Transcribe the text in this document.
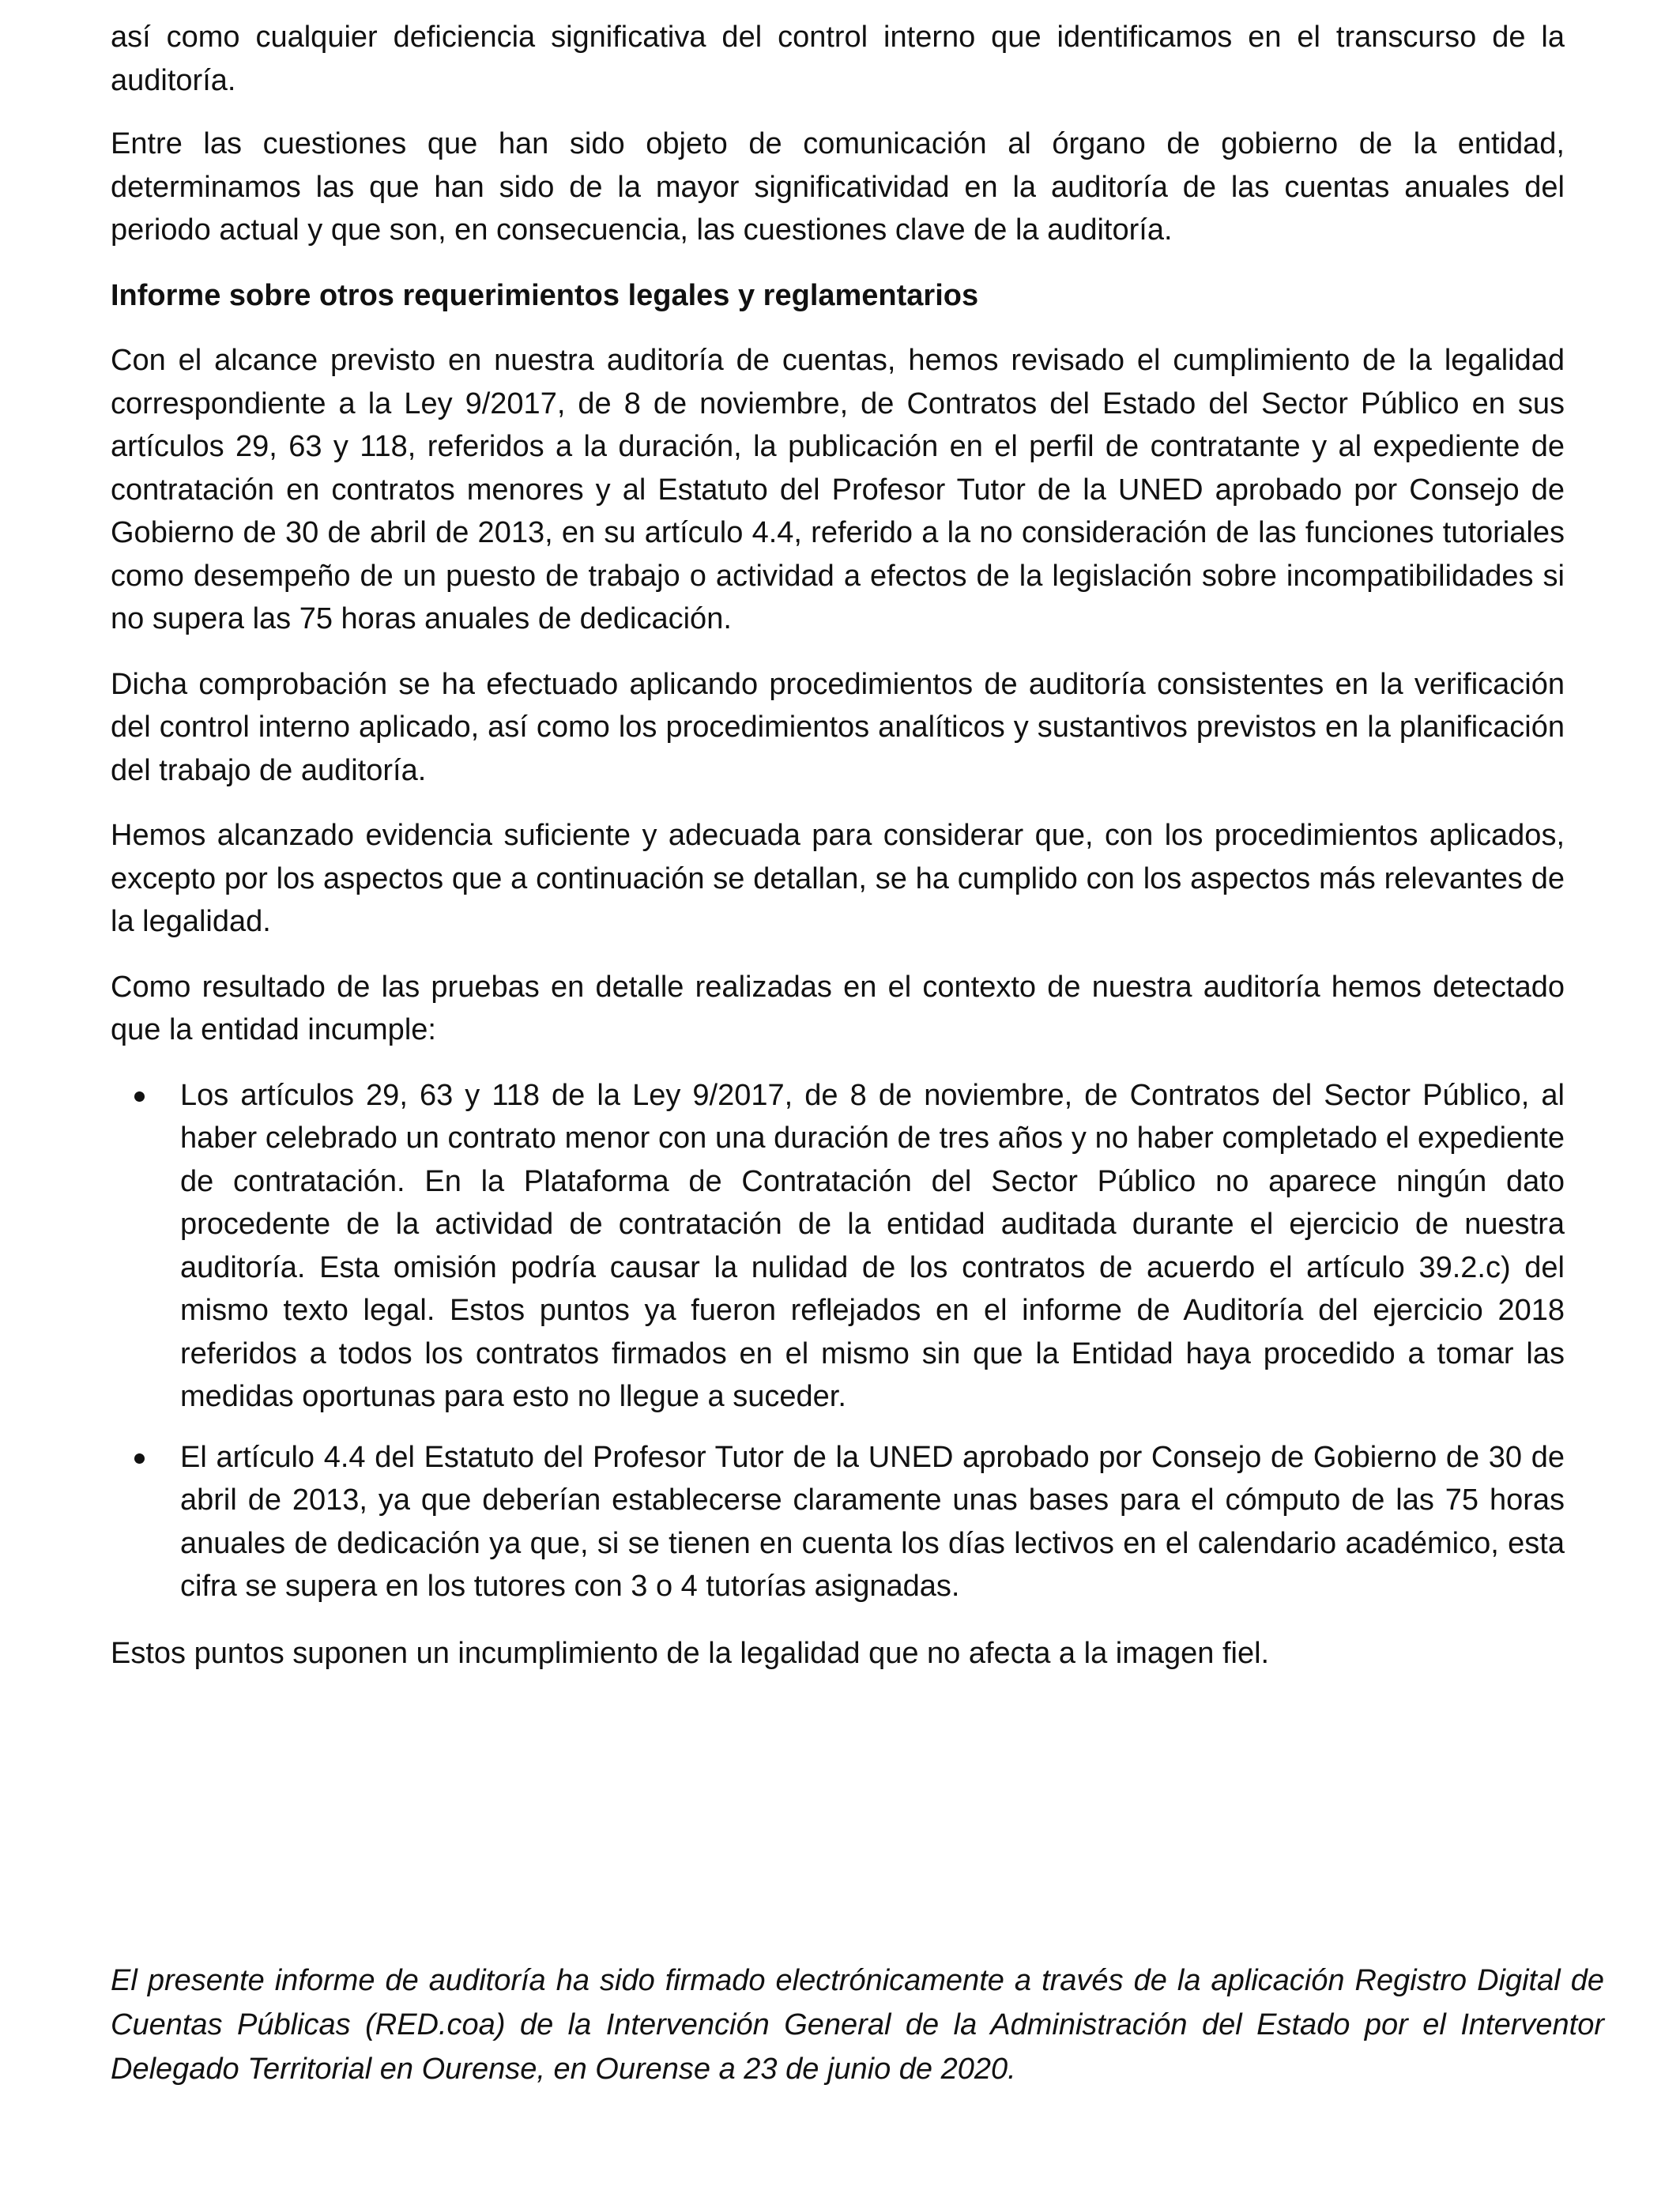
así como cualquier deficiencia significativa del control interno que identificamos en el transcurso de la auditoría.

Entre las cuestiones que han sido objeto de comunicación al órgano de gobierno de la entidad, determinamos las que han sido de la mayor significatividad en la auditoría de las cuentas anuales del periodo actual y que son, en consecuencia, las cuestiones clave de la auditoría.

Informe sobre otros requerimientos legales y reglamentarios

Con el alcance previsto en nuestra auditoría de cuentas, hemos revisado el cumplimiento de la legalidad correspondiente a la Ley 9/2017, de 8 de noviembre, de Contratos del Estado del Sector Público en sus artículos 29, 63 y 118, referidos a la duración, la publicación en el perfil de contratante y al expediente de contratación en contratos menores y al Estatuto del Profesor Tutor de la UNED aprobado por Consejo de Gobierno de 30 de abril de 2013, en su artículo 4.4, referido a la no consideración de las funciones tutoriales como desempeño de un puesto de trabajo o actividad a efectos de la legislación sobre incompatibilidades si no supera las 75 horas anuales de dedicación.

Dicha comprobación se ha efectuado aplicando procedimientos de auditoría consistentes en la verificación del control interno aplicado, así como los procedimientos analíticos y sustantivos previstos en la planificación del trabajo de auditoría.

Hemos alcanzado evidencia suficiente y adecuada para considerar que, con los procedimientos aplicados, excepto por los aspectos que a continuación se detallan, se ha cumplido con los aspectos más relevantes de la legalidad.

Como resultado de las pruebas en detalle realizadas en el contexto de nuestra auditoría hemos detectado que la entidad incumple:

Los artículos 29, 63 y 118 de la Ley 9/2017, de 8 de noviembre, de Contratos del Sector Público, al haber celebrado un contrato menor con una duración de tres años y no haber completado el expediente de contratación. En la Plataforma de Contratación del Sector Público no aparece ningún dato procedente de la actividad de contratación de la entidad auditada durante el ejercicio de nuestra auditoría. Esta omisión podría causar la nulidad de los contratos de acuerdo el artículo 39.2.c) del mismo texto legal. Estos puntos ya fueron reflejados en el informe de Auditoría del ejercicio 2018 referidos a todos los contratos firmados en el mismo sin que la Entidad haya procedido a tomar las medidas oportunas para esto no llegue a suceder.
El artículo 4.4 del Estatuto del Profesor Tutor de la UNED aprobado por Consejo de Gobierno de 30 de abril de 2013, ya que deberían establecerse claramente unas bases para el cómputo de las 75 horas anuales de dedicación ya que, si se tienen en cuenta los días lectivos en el calendario académico, esta cifra se supera en los tutores con 3 o 4 tutorías asignadas.

Estos puntos suponen un incumplimiento de la legalidad que no afecta a la imagen fiel.

El presente informe de auditoría ha sido firmado electrónicamente a través de la aplicación Registro Digital de Cuentas Públicas (RED.coa) de la Intervención General de la Administración del Estado por el Interventor Delegado Territorial en Ourense, en Ourense a 23 de junio de 2020.
